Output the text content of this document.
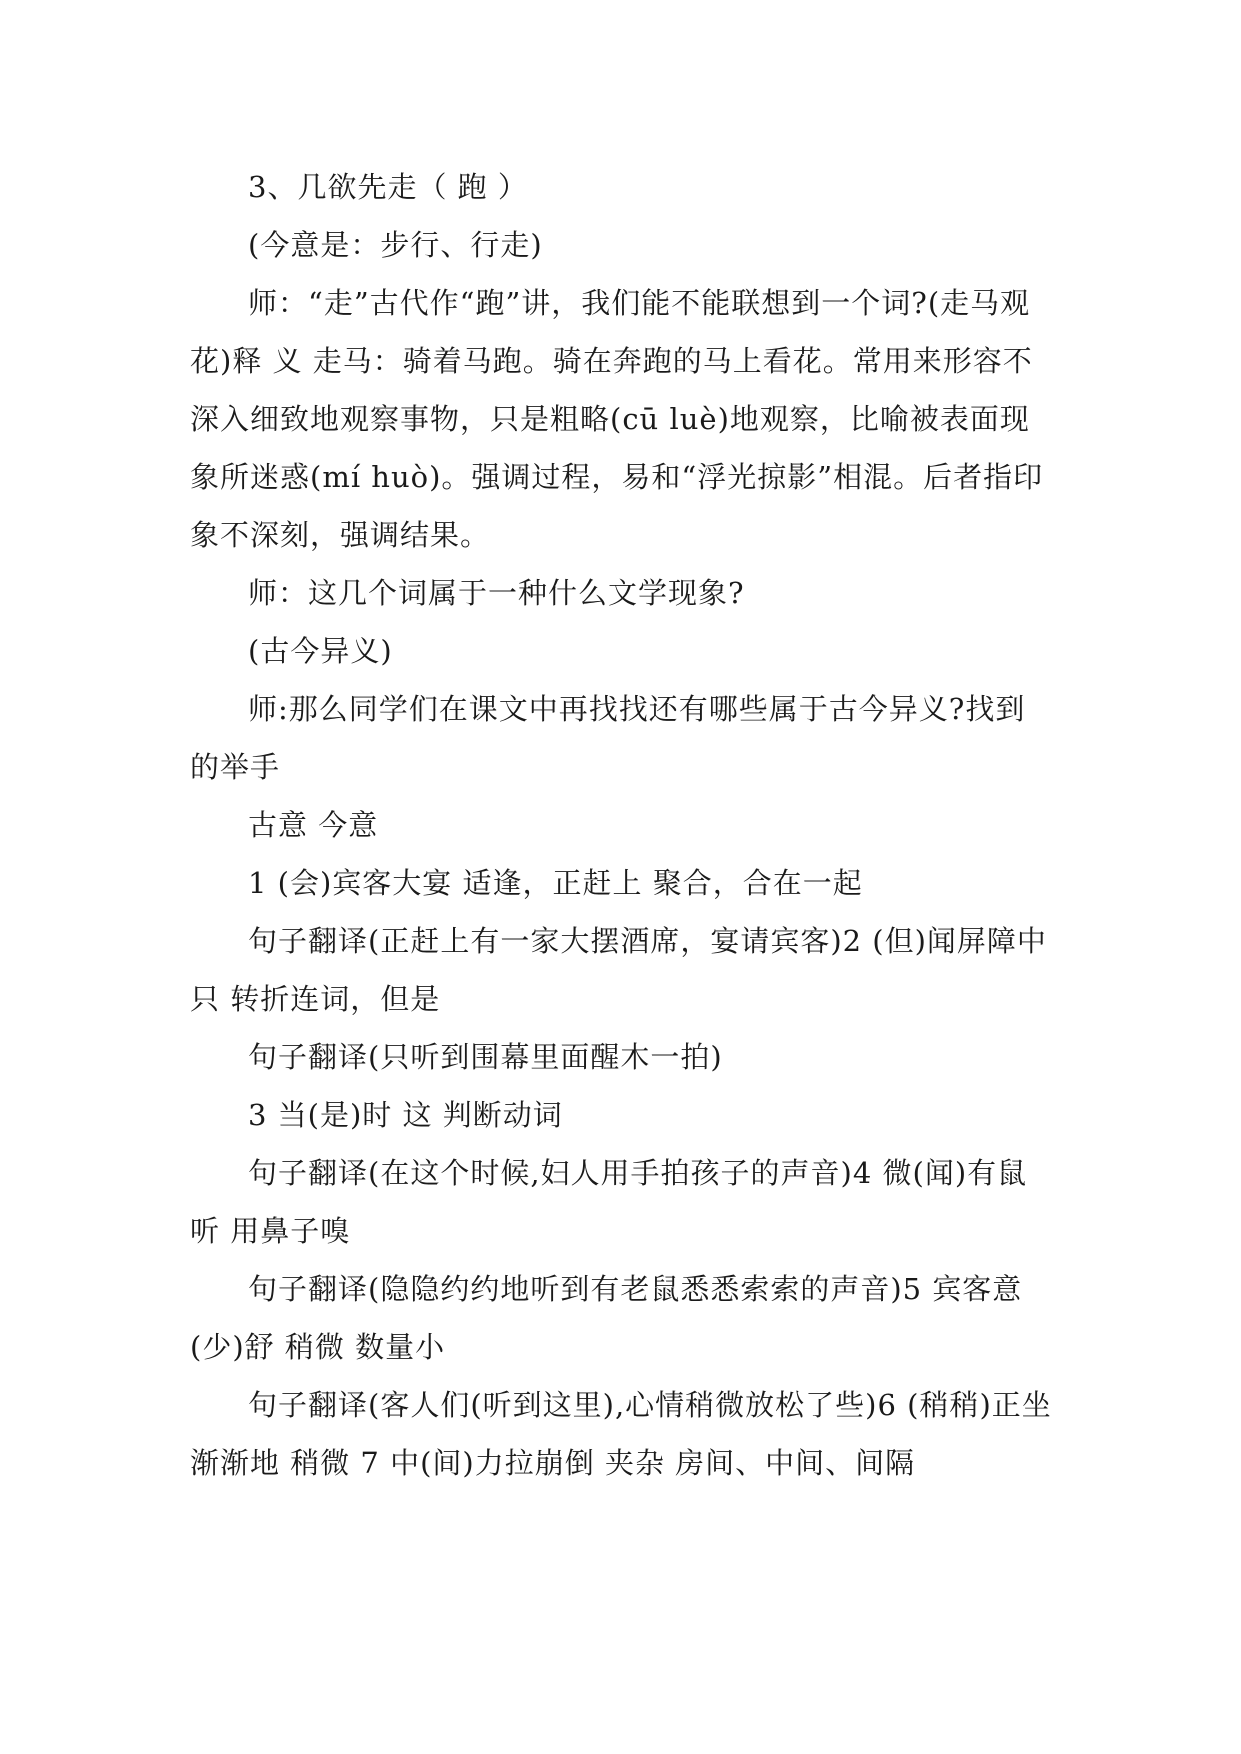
3、几欲先走（ 跑 ）

(今意是：步行、行走)

师：“走”古代作“跑”讲，我们能不能联想到一个词?(走马观花)释 义 走马：骑着马跑。骑在奔跑的马上看花。常用来形容不深入细致地观察事物，只是粗略(cū luè)地观察，比喻被表面现象所迷惑(mí huò)。强调过程，易和“浮光掠影”相混。后者指印象不深刻，强调结果。

师：这几个词属于一种什么文学现象?

(古今异义)

师:那么同学们在课文中再找找还有哪些属于古今异义?找到的举手

古意 今意

1 (会)宾客大宴 适逢，正赶上 聚合，合在一起

句子翻译(正赶上有一家大摆酒席，宴请宾客)2 (但)闻屏障中 只 转折连词，但是

句子翻译(只听到围幕里面醒木一拍)

3 当(是)时 这 判断动词

句子翻译(在这个时候,妇人用手拍孩子的声音)4 微(闻)有鼠 听 用鼻子嗅

句子翻译(隐隐约约地听到有老鼠悉悉索索的声音)5 宾客意(少)舒 稍微 数量小

句子翻译(客人们(听到这里),心情稍微放松了些)6 (稍稍)正坐 渐渐地 稍微 7 中(间)力拉崩倒 夹杂 房间、中间、间隔
